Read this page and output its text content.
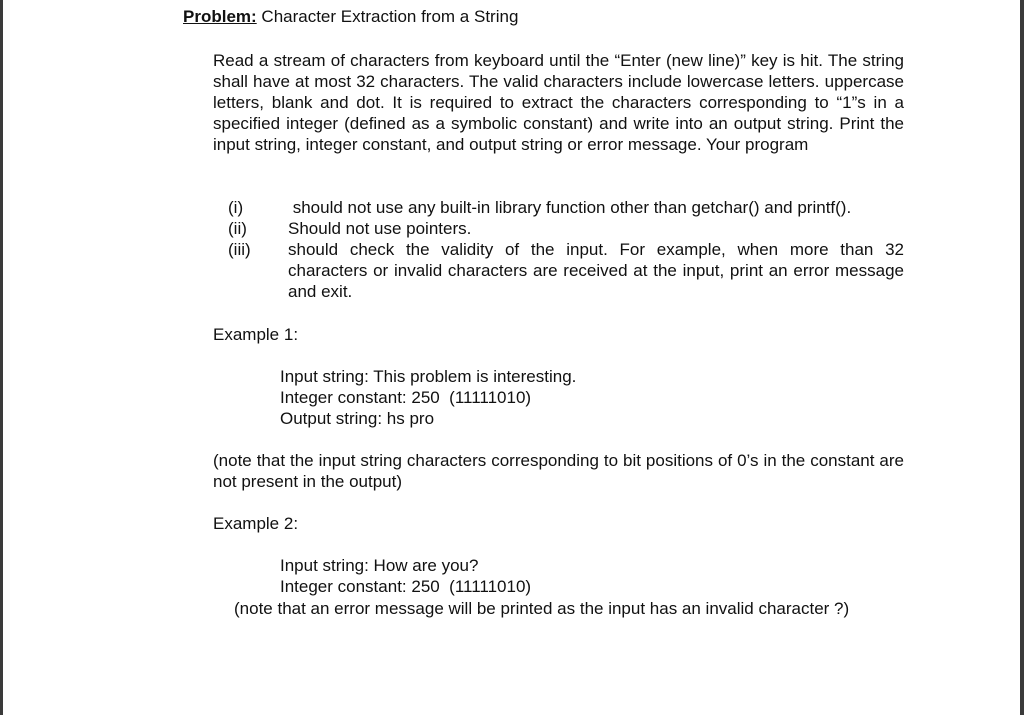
Problem: Character Extraction from a String

Read a stream of characters from keyboard until the “Enter (new line)” key is hit. The string shall have at most 32 characters. The valid characters include lowercase letters. uppercase letters, blank and dot. It is required to extract the characters corresponding to “1”s in a specified integer (defined as a symbolic constant) and write into an output string. Print the input string, integer constant, and output string or error message. Your program

(i)	should not use any built-in library function other than getchar() and printf().
(ii)	Should not use pointers.
(iii)	should check the validity of the input. For example, when more than 32 characters or invalid characters are received at the input, print an error message and exit.
Example 1:
Input string: This problem is interesting.
Integer constant: 250  (11111010)
Output string: hs pro

(note that the input string characters corresponding to bit positions of 0’s in the constant are not present in the output)

Example 2:
Input string: How are you?
Integer constant: 250  (11111010)
(note that an error message will be printed as the input has an invalid character ?)
